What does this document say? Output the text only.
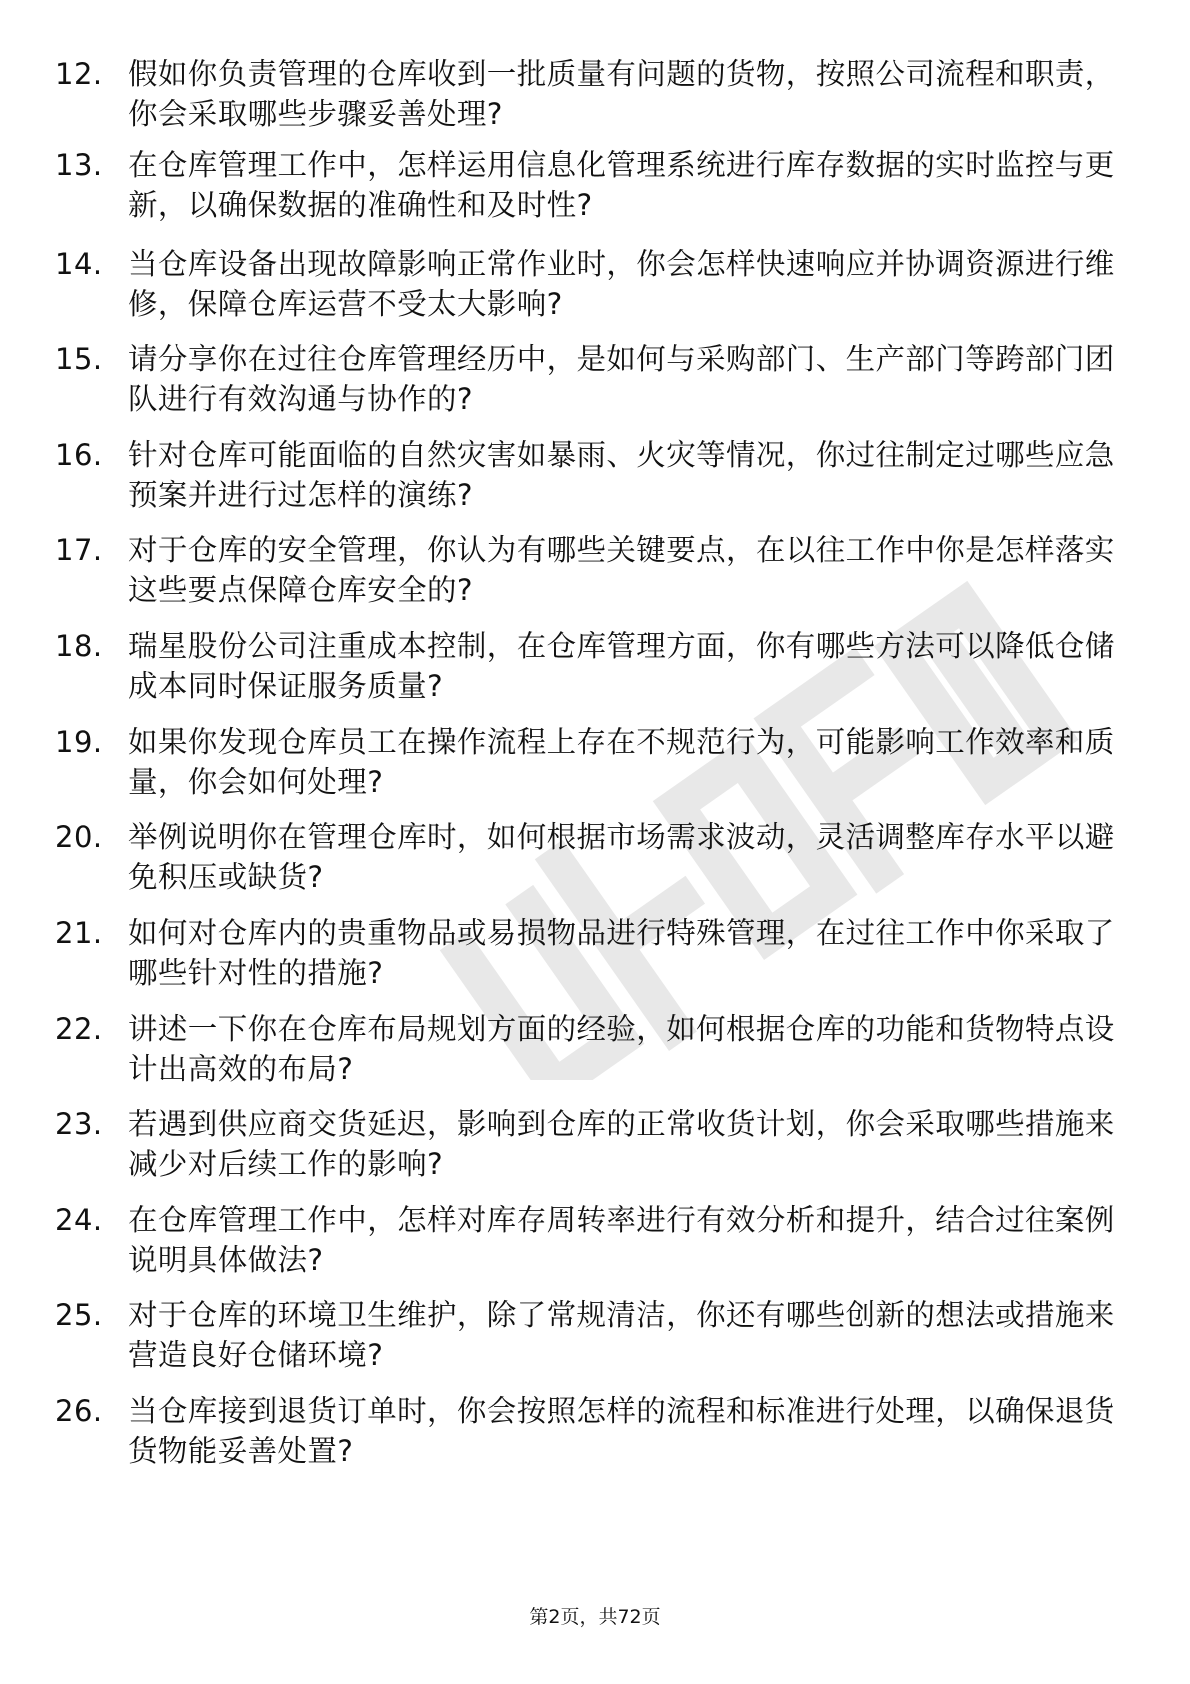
12. 假如你负责管理的仓库收到一批质量有问题的货物，按照公司流程和职责，你会采取哪些步骤妥善处理?
13. 在仓库管理工作中，怎样运用信息化管理系统进行库存数据的实时监控与更新，以确保数据的准确性和及时性?
14. 当仓库设备出现故障影响正常作业时，你会怎样快速响应并协调资源进行维修，保障仓库运营不受太大影响?
15. 请分享你在过往仓库管理经历中，是如何与采购部门、生产部门等跨部门团队进行有效沟通与协作的?
16. 针对仓库可能面临的自然灾害如暴雨、火灾等情况，你过往制定过哪些应急预案并进行过怎样的演练?
17. 对于仓库的安全管理，你认为有哪些关键要点，在以往工作中你是怎样落实这些要点保障仓库安全的?
18. 瑞星股份公司注重成本控制，在仓库管理方面，你有哪些方法可以降低仓储成本同时保证服务质量?
19. 如果你发现仓库员工在操作流程上存在不规范行为，可能影响工作效率和质量，你会如何处理?
20. 举例说明你在管理仓库时，如何根据市场需求波动，灵活调整库存水平以避免积压或缺货?
21. 如何对仓库内的贵重物品或易损物品进行特殊管理，在过往工作中你采取了哪些针对性的措施?
22. 讲述一下你在仓库布局规划方面的经验，如何根据仓库的功能和货物特点设计出高效的布局?
23. 若遇到供应商交货延迟，影响到仓库的正常收货计划，你会采取哪些措施来减少对后续工作的影响?
24. 在仓库管理工作中，怎样对库存周转率进行有效分析和提升，结合过往案例说明具体做法?
25. 对于仓库的环境卫生维护，除了常规清洁，你还有哪些创新的想法或措施来营造良好仓储环境?
26. 当仓库接到退货订单时，你会按照怎样的流程和标准进行处理，以确保退货货物能妥善处置?
第2页，共72页
